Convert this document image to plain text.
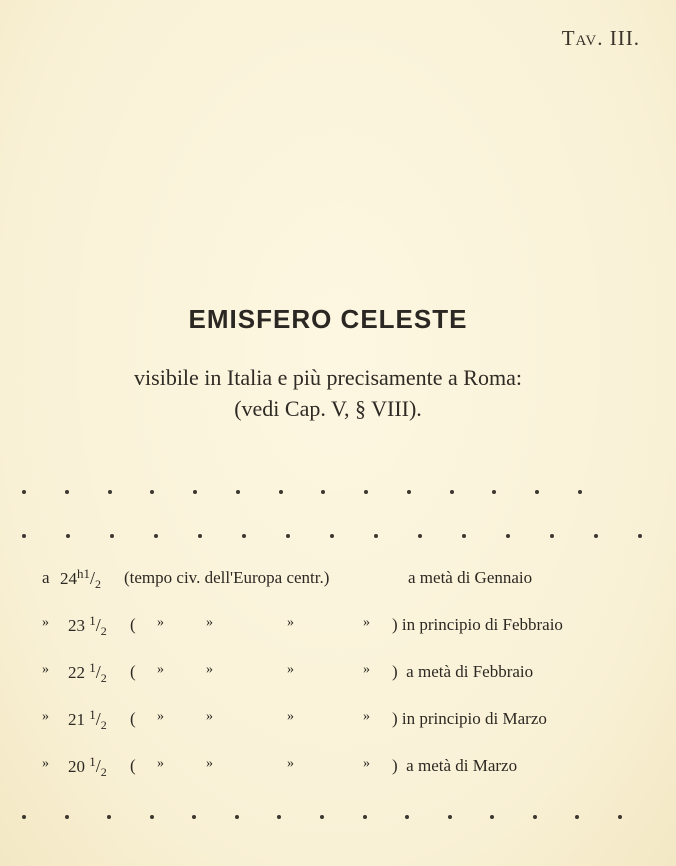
Tav. III.
EMISFERO CELESTE
visibile in Italia e più precisamente a Roma:
(vedi Cap. V, § VIII).
a $24^{h1}/_2$ (tempo civ. dell'Europa centr.)	a metà di Gennaio
»	23 $^1/_2$ ( »	»	»	» ) in principio di Febbraio
»	22 $^1/_2$ ( »	»	»	» ) a metà di Febbraio
»	21 $^1/_2$ ( »	»	»	» ) in principio di Marzo
»	20 $^1/_2$ ( »	»	»	» ) a metà di Marzo
